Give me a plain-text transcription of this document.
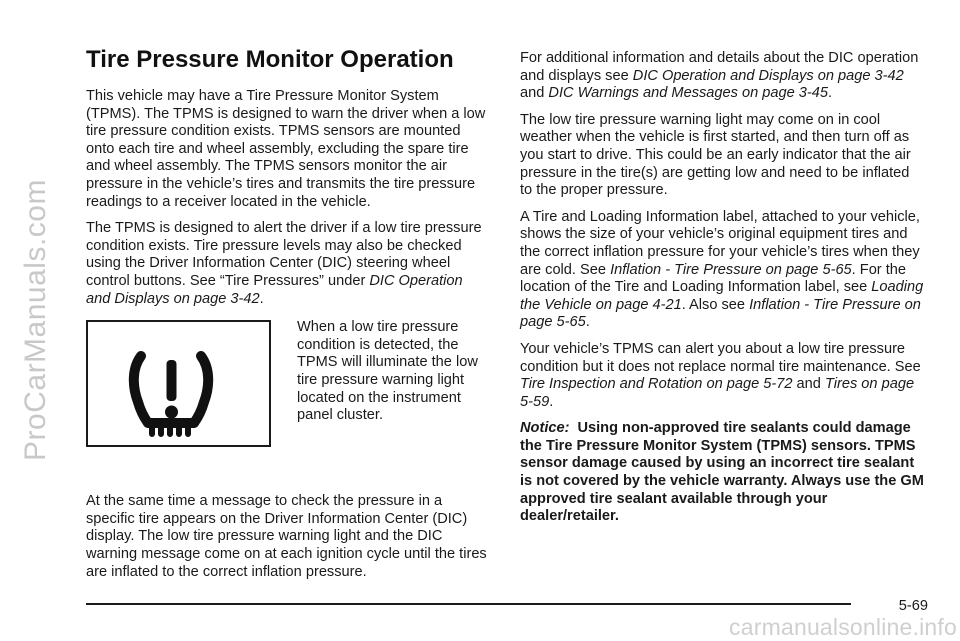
ProCarManuals.com
Tire Pressure Monitor Operation

This vehicle may have a Tire Pressure Monitor System (TPMS). The TPMS is designed to warn the driver when a low tire pressure condition exists. TPMS sensors are mounted onto each tire and wheel assembly, excluding the spare tire and wheel assembly. The TPMS sensors monitor the air pressure in the vehicle’s tires and transmits the tire pressure readings to a receiver located in the vehicle.

The TPMS is designed to alert the driver if a low tire pressure condition exists. Tire pressure levels may also be checked using the Driver Information Center (DIC) steering wheel control buttons. See “Tire Pressures” under DIC Operation and Displays on page 3-42.

When a low tire pressure condition is detected, the TPMS will illuminate the low tire pressure warning light located on the instrument panel cluster.

At the same time a message to check the pressure in a specific tire appears on the Driver Information Center (DIC) display. The low tire pressure warning light and the DIC warning message come on at each ignition cycle until the tires are inflated to the correct inflation pressure.

For additional information and details about the DIC operation and displays see DIC Operation and Displays on page 3-42 and DIC Warnings and Messages on page 3-45.

The low tire pressure warning light may come on in cool weather when the vehicle is first started, and then turn off as you start to drive. This could be an early indicator that the air pressure in the tire(s) are getting low and need to be inflated to the proper pressure.

A Tire and Loading Information label, attached to your vehicle, shows the size of your vehicle’s original equipment tires and the correct inflation pressure for your vehicle’s tires when they are cold. See Inflation - Tire Pressure on page 5-65. For the location of the Tire and Loading Information label, see Loading the Vehicle on page 4-21. Also see Inflation - Tire Pressure on page 5-65.

Your vehicle’s TPMS can alert you about a low tire pressure condition but it does not replace normal tire maintenance. See Tire Inspection and Rotation on page 5-72 and Tires on page 5-59.

Notice: Using non-approved tire sealants could damage the Tire Pressure Monitor System (TPMS) sensors. TPMS sensor damage caused by using an incorrect tire sealant is not covered by the vehicle warranty. Always use the GM approved tire sealant available through your dealer/retailer.

5-69
carmanualsonline.info
